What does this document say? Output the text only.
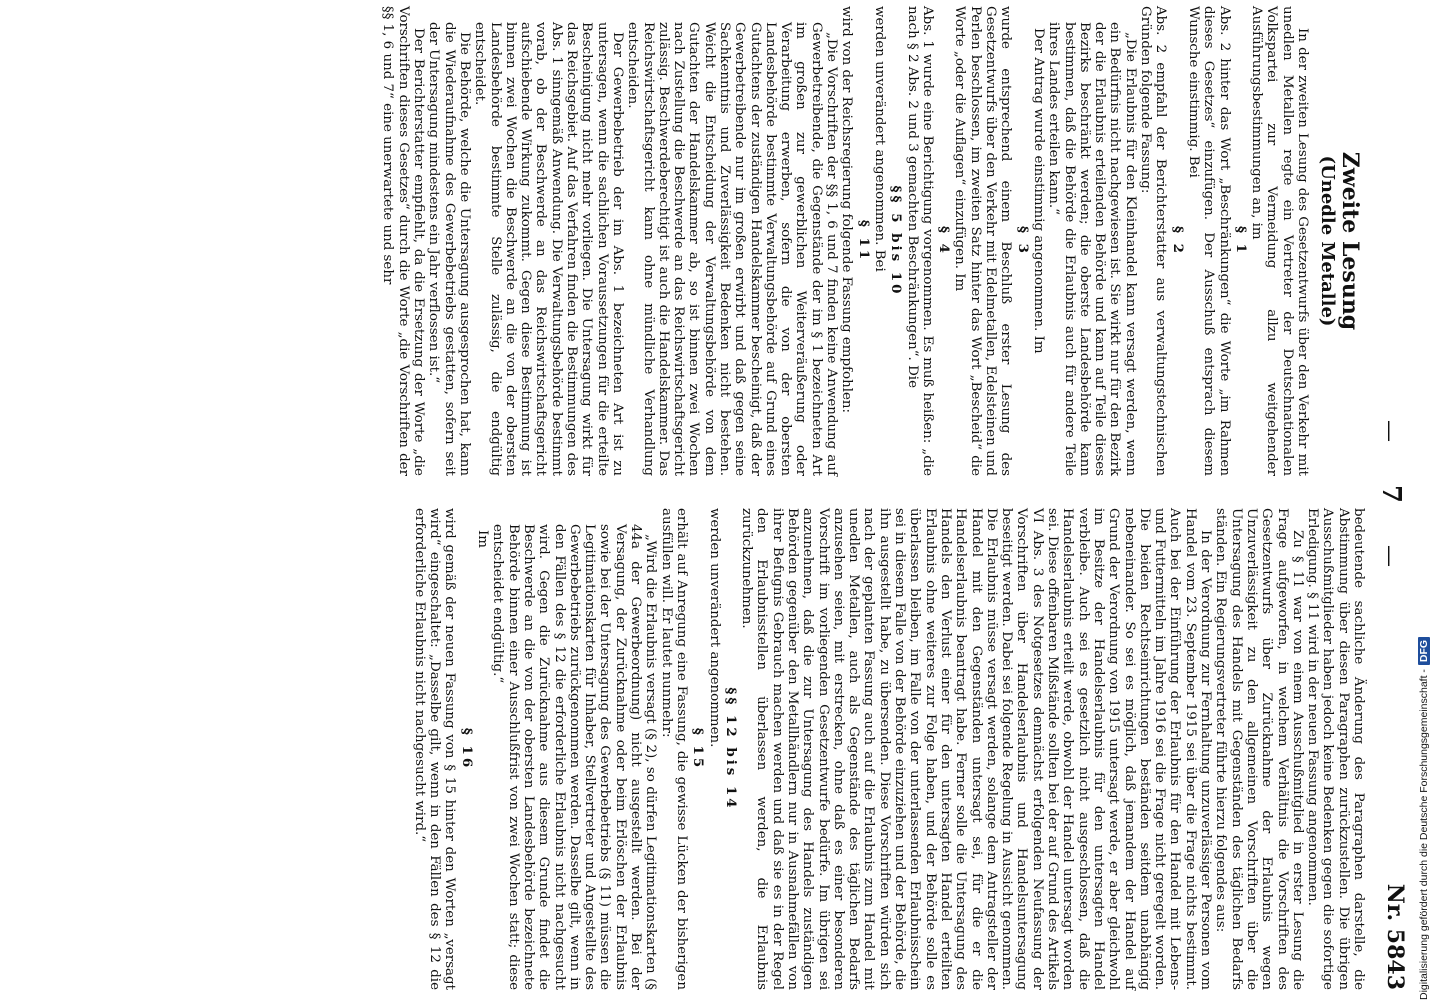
—
7
—
Nr. 5843
Zweite Lesung
(Unedle Metalle)

In der zweiten Lesung des Gesetzentwurfs über den Verkehr mit unedlen Metallen regte ein Vertreter der Deutschnationalen Volkspartei zur Vermeidung allzu weitgehender Ausführungsbestimmungen an, im

§ 1

Abs. 2 hinter das Wort „Beschränkungen“ die Worte „im Rahmen dieses Gesetzes“ einzufügen. Der Ausschuß entsprach diesem Wunsche einstimmig. Bei

§ 2

Abs. 2 empfahl der Berichterstatter aus verwaltungstechnischen Gründen folgende Fassung:

„Die Erlaubnis für den Kleinhandel kann versagt werden, wenn ein Bedürfnis nicht nachgewiesen ist. Sie wirkt nur für den Bezirk der die Erlaubnis erteilenden Behörde und kann auf Teile dieses Bezirks beschränkt werden; die oberste Landesbehörde kann bestimmen, daß die Behörde die Erlaubnis auch für andere Teile ihres Landes erteilen kann.“

Der Antrag wurde einstimmig angenommen. Im

§ 3

wurde entsprechend einem Beschluß erster Lesung des Gesetzentwurfs über den Verkehr mit Edelmetallen, Edelsteinen und Perlen beschlossen, im zweiten Satz hinter das Wort „Bescheid“ die Worte „oder die Auflagen“ einzufügen. Im

§ 4

Abs. 1 wurde eine Berichtigung vorgenommen. Es muß heißen: „die nach § 2 Abs. 2 und 3 gemachten Beschränkungen“. Die

§§ 5 bis 10

werden unverändert angenommen. Bei

§ 11

wird von der Reichsregierung folgende Fassung empfohlen:

„Die Vorschriften der §§ 1, 6 und 7 finden keine Anwendung auf Gewerbetreibende, die Gegenstände der im § 1 bezeichneten Art im großen zur gewerblichen Weiterveräußerung oder Verarbeitung erwerben, sofern die von der obersten Landesbehörde bestimmte Verwaltungsbehörde auf Grund eines Gutachtens der zuständigen Handelskammer bescheinigt, daß der Gewerbetreibende nur im großen erwirbt und daß gegen seine Sachkenntnis und Zuverlässigkeit Bedenken nicht bestehen. Weicht die Entscheidung der Verwaltungsbehörde von dem Gutachten der Handelskammer ab, so ist binnen zwei Wochen nach Zustellung die Beschwerde an das Reichswirtschaftsgericht zulässig. Beschwerdeberechtigt ist auch die Handelskammer. Das Reichswirtschaftsgericht kann ohne mündliche Verhandlung entscheiden.

Der Gewerbebetrieb der im Abs. 1 bezeichneten Art ist zu untersagen, wenn die sachlichen Voraussetzungen für die erteilte Bescheinigung nicht mehr vorliegen. Die Untersagung wirkt für das Reichsgebiet. Auf das Verfahren finden die Bestimmungen des Abs. 1 sinngemäß Anwendung. Die Verwaltungsbehörde bestimmt vorab, ob der Beschwerde an das Reichswirtschaftsgericht aufschiebende Wirkung zukommt. Gegen diese Bestimmung ist binnen zwei Wochen die Beschwerde an die von der obersten Landesbehörde bestimmte Stelle zulässig, die endgültig entscheidet.

Die Behörde, welche die Untersagung ausgesprochen hat, kann die Wiederaufnahme des Gewerbebetriebs gestatten, sofern seit der Untersagung mindestens ein Jahr verflossen ist.“

Der Berichterstatter empfiehlt, da die Ersetzung der Worte „die Vorschriften dieses Gesetzes“ durch die Worte „die Vorschriften der §§ 1, 6 und 7“ eine unerwartete und sehr

bedeutende sachliche Änderung des Paragraphen darstelle, die Abstimmung über diesen Paragraphen zurückzustellen. Die übrigen Ausschußmitglieder haben jedoch keine Bedenken gegen die sofortige Erledigung. § 11 wird in der neuen Fassung angenommen.

Zu § 11 war von einem Ausschußmitglied in erster Lesung die Frage aufgeworfen, in welchem Verhältnis die Vorschriften des Gesetzentwurfs über Zurücknahme der Erlaubnis wegen Unzuverlässigkeit zu den allgemeinen Vorschriften über die Untersagung des Handels mit Gegenständen des täglichen Bedarfs ständen. Ein Regierungsvertreter führte hierzu folgendes aus:

In der Verordnung zur Fernhaltung unzuverlässiger Personen vom Handel vom 23. September 1915 sei über die Frage nichts bestimmt. Auch bei der Einführung der Erlaubnis für den Handel mit Lebens- und Futtermitteln im Jahre 1916 sei die Frage nicht geregelt worden. Die beiden Rechtseinrichtungen beständen seitdem unabhängig nebeneinander. So sei es möglich, daß jemandem der Handel auf Grund der Verordnung von 1915 untersagt werde, er aber gleichwohl im Besitze der Handelserlaubnis für den untersagten Handel verbleibe. Auch sei es gesetzlich nicht ausgeschlossen, daß die Handelserlaubnis erteilt werde, obwohl der Handel untersagt worden sei. Diese offenbaren Mißstände sollten bei der auf Grund des Artikels VI Abs. 3 des Notgesetzes demnächst erfolgenden Neufassung der Vorschriften über Handelserlaubnis und Handelsuntersagung beseitigt werden. Dabei sei folgende Regelung in Aussicht genommen. Die Erlaubnis müsse versagt werden, solange dem Antragsteller der Handel mit den Gegenständen untersagt sei, für die er die Handelserlaubnis beantragt habe. Ferner solle die Untersagung des Handels den Verlust einer für den untersagten Handel erteilten Erlaubnis ohne weiteres zur Folge haben, und der Behörde solle es überlassen bleiben, im Falle von der unterlassenden Erlaubnisschein sei in diesem Falle von der Behörde einzuziehen und der Behörde, die ihn ausgestellt habe, zu übersenden. Diese Vorschriften würden sich nach der geplanten Fassung auch auf die Erlaubnis zum Handel mit unedlen Metallen, auch als Gegenstände des täglichen Bedarfs anzusehen seien, mit erstrecken, ohne daß es einer besonderen Vorschrift im vorliegenden Gesetzentwurfe bedürfe. Im übrigen sei anzunehmen, daß die zur Untersagung des Handels zuständigen Behörden gegenüber den Metallhändlern nur in Ausnahmefällen von ihrer Befugnis Gebrauch machen werden und daß sie es in der Regel den Erlaubnisstellen überlassen werden, die Erlaubnis zurückzunehmen.

§§ 12 bis 14

werden unverändert angenommen.

§ 15

erhält auf Anregung eine Fassung, die gewisse Lücken der bisherigen ausfüllen will. Er lautet nunmehr:

„Wird die Erlaubnis versagt (§ 2), so dürfen Legitimationskarten (§ 44a der Gewerbeordnung) nicht ausgestellt werden. Bei der Versagung, der Zurücknahme oder beim Erlöschen der Erlaubnis sowie bei der Untersagung des Gewerbebetriebs (§ 11) müssen die Legitimationskarten für Inhaber, Stellvertreter und Angestellte des Gewerbebetriebs zurückgenommen werden. Dasselbe gilt, wenn in den Fällen des § 12 die erforderliche Erlaubnis nicht nachgesucht wird. Gegen die Zurücknahme aus diesem Grunde findet die Beschwerde an die von der obersten Landesbehörde bezeichnete Behörde binnen einer Ausschlußfrist von zwei Wochen statt; diese entscheidet endgültig.“

Im

§ 16

wird gemäß der neuen Fassung von § 15 hinter den Worten „versagt wird“ eingeschaltet: „Dasselbe gilt, wenn in den Fällen des § 12 die erforderliche Erlaubnis nicht nachgesucht wird.“	Digitalisierung gefördert durch die Deutsche Forschungsgemeinschaft -DFG
